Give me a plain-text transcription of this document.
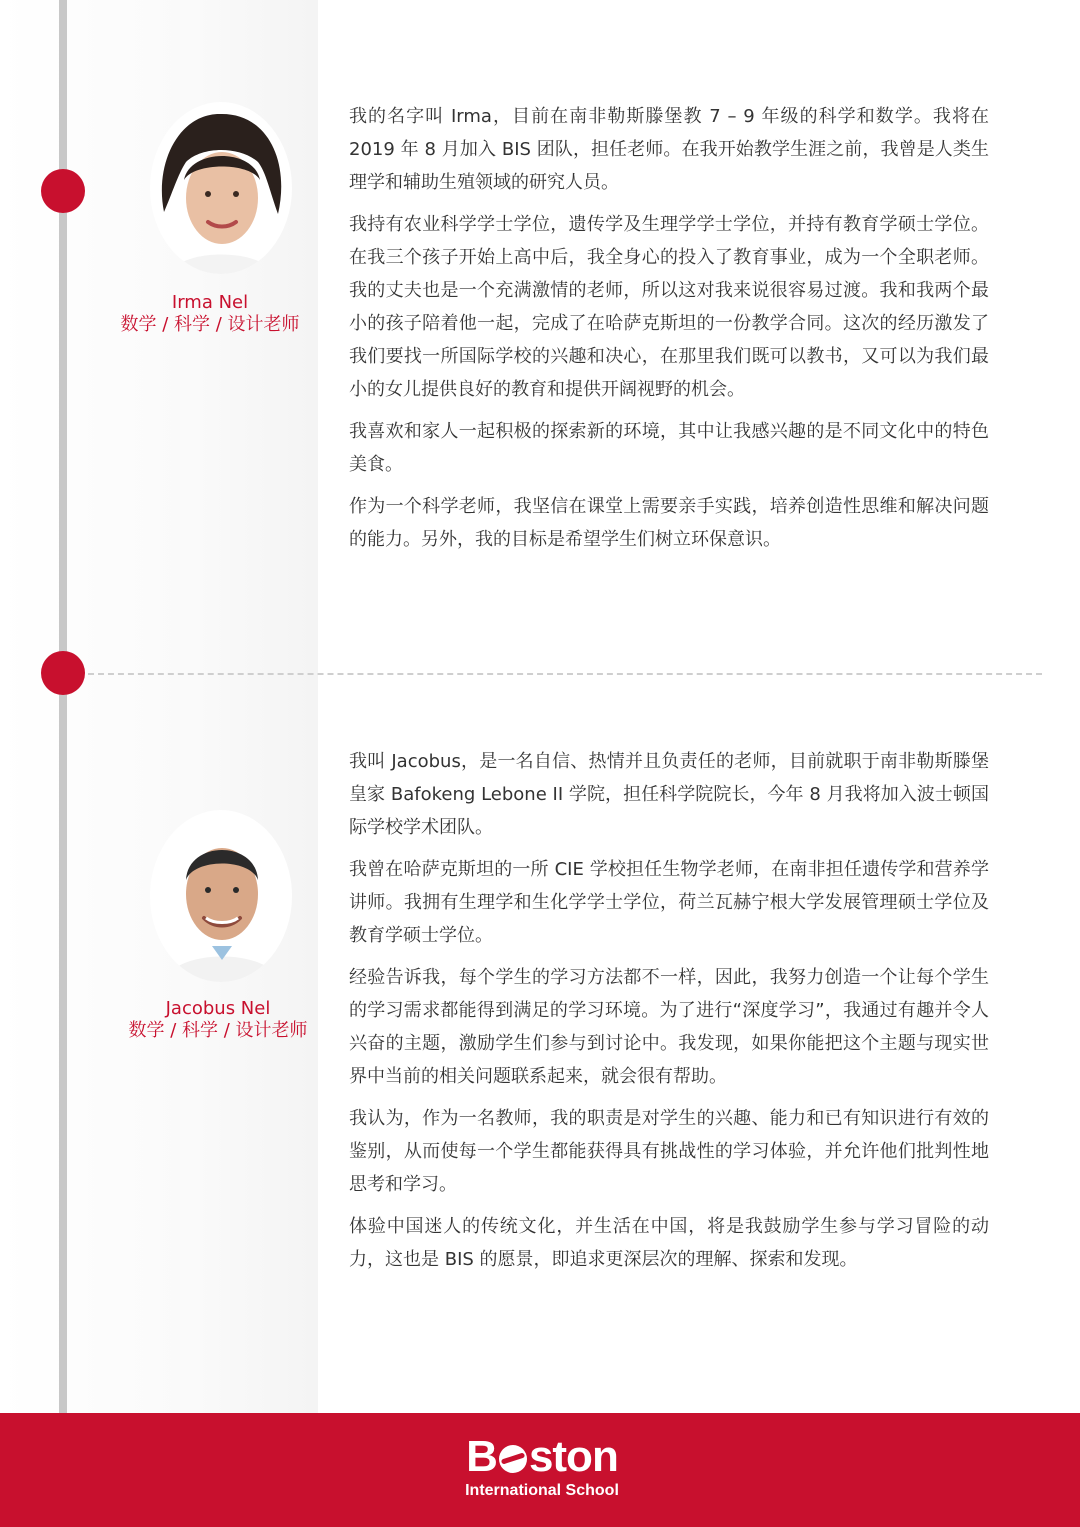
Irma Nel
数学 / 科学 / 设计老师

我的名字叫 Irma，目前在南非勒斯滕堡教 7 – 9 年级的科学和数学。我将在 2019 年 8 月加入 BIS 团队，担任老师。在我开始教学生涯之前，我曾是人类生理学和辅助生殖领域的研究人员。

我持有农业科学学士学位，遗传学及生理学学士学位，并持有教育学硕士学位。在我三个孩子开始上高中后，我全身心的投入了教育事业，成为一个全职老师。我的丈夫也是一个充满激情的老师，所以这对我来说很容易过渡。我和我两个最小的孩子陪着他一起，完成了在哈萨克斯坦的一份教学合同。这次的经历激发了我们要找一所国际学校的兴趣和决心，在那里我们既可以教书，又可以为我们最小的女儿提供良好的教育和提供开阔视野的机会。

我喜欢和家人一起积极的探索新的环境，其中让我感兴趣的是不同文化中的特色美食。

作为一个科学老师，我坚信在课堂上需要亲手实践，培养创造性思维和解决问题的能力。另外，我的目标是希望学生们树立环保意识。

Jacobus Nel
数学 / 科学 / 设计老师

我叫 Jacobus，是一名自信、热情并且负责任的老师，目前就职于南非勒斯滕堡皇家 Bafokeng Lebone II 学院，担任科学院院长，今年 8 月我将加入波士顿国际学校学术团队。

我曾在哈萨克斯坦的一所 CIE 学校担任生物学老师，在南非担任遗传学和营养学讲师。我拥有生理学和生化学学士学位，荷兰瓦赫宁根大学发展管理硕士学位及教育学硕士学位。

经验告诉我，每个学生的学习方法都不一样，因此，我努力创造一个让每个学生的学习需求都能得到满足的学习环境。为了进行“深度学习”，我通过有趣并令人兴奋的主题，激励学生们参与到讨论中。我发现，如果你能把这个主题与现实世界中当前的相关问题联系起来，就会很有帮助。

我认为，作为一名教师，我的职责是对学生的兴趣、能力和已有知识进行有效的鉴别，从而使每一个学生都能获得具有挑战性的学习体验，并允许他们批判性地思考和学习。

体验中国迷人的传统文化，并生活在中国，将是我鼓励学生参与学习冒险的动力，这也是 BIS 的愿景，即追求更深层次的理解、探索和发现。

B ston
International School
